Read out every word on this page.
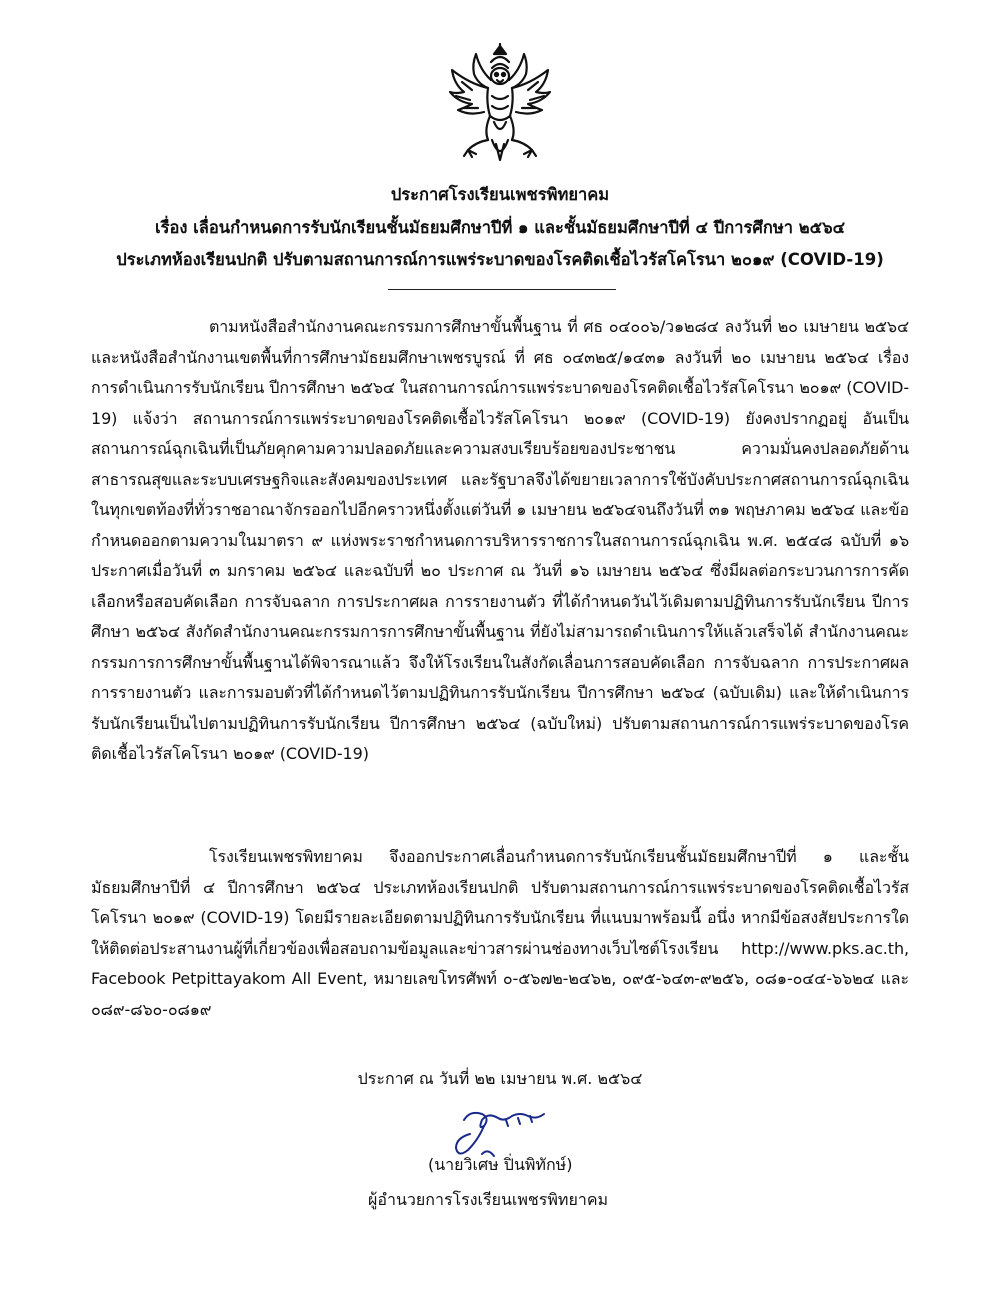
ประกาศโรงเรียนเพชรพิทยาคม
เรื่อง เลื่อนกำหนดการรับนักเรียนชั้นมัธยมศึกษาปีที่ ๑ และชั้นมัธยมศึกษาปีที่ ๔ ปีการศึกษา ๒๕๖๔
ประเภทห้องเรียนปกติ ปรับตามสถานการณ์การแพร่ระบาดของโรคติดเชื้อไวรัสโคโรนา ๒๐๑๙ (COVID-19)

ตามหนังสือสำนักงานคณะกรรมการศึกษาขั้นพื้นฐาน ที่ ศธ ๐๔๐๐๖/ว๑๒๘๔ ลงวันที่ ๒๐ เมษายน ๒๕๖๔ และหนังสือสำนักงานเขตพื้นที่การศึกษามัธยมศึกษาเพชรบูรณ์ ที่ ศธ ๐๔๓๒๕/๑๔๓๑ ลงวันที่ ๒๐ เมษายน ๒๕๖๔ เรื่อง การดำเนินการรับนักเรียน ปีการศึกษา ๒๕๖๔ ในสถานการณ์การแพร่ระบาดของโรคติดเชื้อไวรัสโคโรนา ๒๐๑๙ (COVID-19) แจ้งว่า สถานการณ์การแพร่ระบาดของโรคติดเชื้อไวรัสโคโรนา ๒๐๑๙ (COVID-19) ยังคงปรากฏอยู่ อันเป็นสถานการณ์ฉุกเฉินที่เป็นภัยคุกคามความปลอดภัยและความสงบเรียบร้อยของประชาชน ความมั่นคงปลอดภัยด้านสาธารณสุขและระบบเศรษฐกิจและสังคมของประเทศ และรัฐบาลจึงได้ขยายเวลาการใช้บังคับประกาศสถานการณ์ฉุกเฉินในทุกเขตท้องที่ทั่วราชอาณาจักรออกไปอีกคราวหนึ่งตั้งแต่วันที่ ๑ เมษายน ๒๕๖๔จนถึงวันที่ ๓๑ พฤษภาคม ๒๕๖๔ และข้อกำหนดออกตามความในมาตรา ๙ แห่งพระราชกำหนดการบริหารราชการในสถานการณ์ฉุกเฉิน พ.ศ. ๒๕๔๘ ฉบับที่ ๑๖ ประกาศเมื่อวันที่ ๓ มกราคม ๒๕๖๔ และฉบับที่ ๒๐ ประกาศ ณ วันที่ ๑๖ เมษายน ๒๕๖๔ ซึ่งมีผลต่อกระบวนการการคัดเลือกหรือสอบคัดเลือก การจับฉลาก การประกาศผล การรายงานตัว ที่ได้กำหนดวันไว้เดิมตามปฏิทินการรับนักเรียน ปีการศึกษา ๒๕๖๔ สังกัดสำนักงานคณะกรรมการการศึกษาขั้นพื้นฐาน ที่ยังไม่สามารถดำเนินการให้แล้วเสร็จได้ สำนักงานคณะกรรมการการศึกษาขั้นพื้นฐานได้พิจารณาแล้ว จึงให้โรงเรียนในสังกัดเลื่อนการสอบคัดเลือก การจับฉลาก การประกาศผล การรายงานตัว และการมอบตัวที่ได้กำหนดไว้ตามปฏิทินการรับนักเรียน ปีการศึกษา ๒๕๖๔ (ฉบับเดิม) และให้ดำเนินการรับนักเรียนเป็นไปตามปฏิทินการรับนักเรียน ปีการศึกษา ๒๕๖๔ (ฉบับใหม่) ปรับตามสถานการณ์การแพร่ระบาดของโรคติดเชื้อไวรัสโคโรนา ๒๐๑๙ (COVID-19)

โรงเรียนเพชรพิทยาคม จึงออกประกาศเลื่อนกำหนดการรับนักเรียนชั้นมัธยมศึกษาปีที่ ๑ และชั้นมัธยมศึกษาปีที่ ๔ ปีการศึกษา ๒๕๖๔ ประเภทห้องเรียนปกติ ปรับตามสถานการณ์การแพร่ระบาดของโรคติดเชื้อไวรัสโคโรนา ๒๐๑๙ (COVID-19) โดยมีรายละเอียดตามปฏิทินการรับนักเรียน ที่แนบมาพร้อมนี้ อนึ่ง หากมีข้อสงสัยประการใดให้ติดต่อประสานงานผู้ที่เกี่ยวข้องเพื่อสอบถามข้อมูลและข่าวสารผ่านช่องทางเว็บไซต์โรงเรียน http://www.pks.ac.th, Facebook Petpittayakom All Event, หมายเลขโทรศัพท์ ๐-๕๖๗๒-๒๔๖๒, ๐๙๕-๖๔๓-๙๒๕๖, ๐๘๑-๐๔๔-๖๖๒๔ และ ๐๘๙-๘๖๐-๐๘๑๙

ประกาศ ณ วันที่ ๒๒ เมษายน พ.ศ. ๒๕๖๔
(นายวิเศษ ปิ่นพิทักษ์)
ผู้อำนวยการโรงเรียนเพชรพิทยาคม
